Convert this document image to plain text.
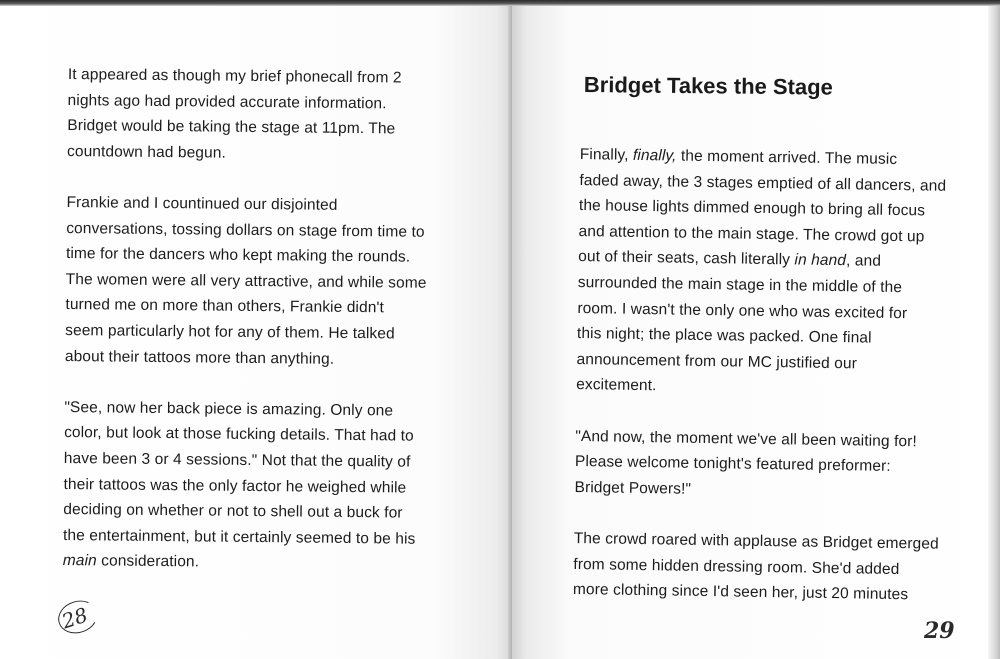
It appeared as though my brief phonecall from 2
nights ago had provided accurate information.
Bridget would be taking the stage at 11pm. The
countdown had begun.

Frankie and I countinued our disjointed
conversations, tossing dollars on stage from time to
time for the dancers who kept making the rounds.
The women were all very attractive, and while some
turned me on more than others, Frankie didn't
seem particularly hot for any of them. He talked
about their tattoos more than anything.

"See, now her back piece is amazing. Only one
color, but look at those fucking details. That had to
have been 3 or 4 sessions." Not that the quality of
their tattoos was the only factor he weighed while
deciding on whether or not to shell out a buck for
the entertainment, but it certainly seemed to be his
main consideration.

28
Bridget Takes the Stage

Finally, finally, the moment arrived. The music
faded away, the 3 stages emptied of all dancers, and
the house lights dimmed enough to bring all focus
and attention to the main stage. The crowd got up
out of their seats, cash literally in hand, and
surrounded the main stage in the middle of the
room. I wasn't the only one who was excited for
this night; the place was packed. One final
announcement from our MC justified our
excitement.

"And now, the moment we've all been waiting for!
Please welcome tonight's featured preformer:
Bridget Powers!"

The crowd roared with applause as Bridget emerged
from some hidden dressing room. She'd added
more clothing since I'd seen her, just 20 minutes

29
